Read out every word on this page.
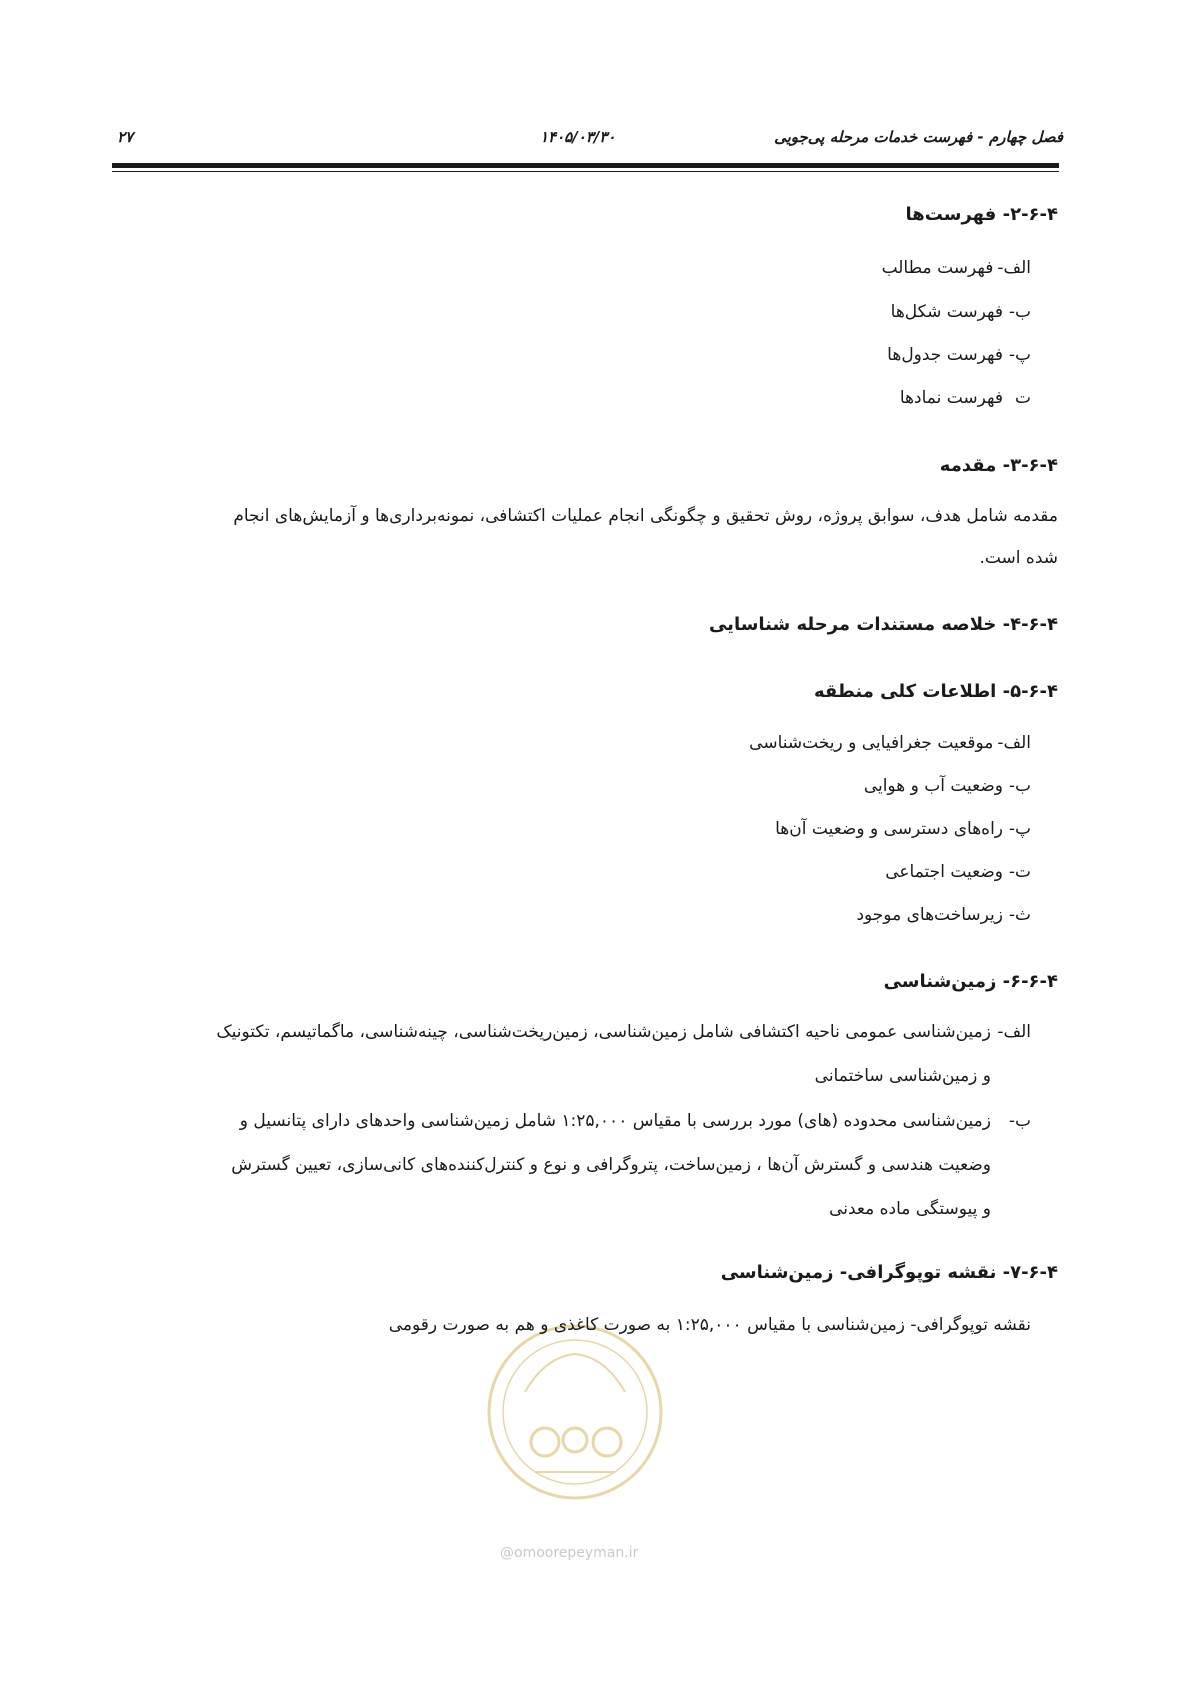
فصل چهارم - فهرست خدمات مرحله پی‌جویی
۱۴۰۵/۰۳/۳۰
۲۷
۲-۶-۴- فهرست‌ها
الف-فهرست مطالب
ب-فهرست شکل‌ها
پ-فهرست جدول‌ها
تفهرست نمادها
۳-۶-۴- مقدمه
مقدمه شامل هدف، سوابق پروژه، روش تحقیق و چگونگی انجام عملیات اکتشافی، نمونه‌برداری‌ها و آزمایش‌های انجام
شده است.
۴-۶-۴- خلاصه مستندات مرحله شناسایی
۵-۶-۴- اطلاعات کلی منطقه
الف-موقعیت جغرافیایی و ریخت‌شناسی
ب-وضعیت آب و هوایی
پ-راه‌های دسترسی و وضعیت آن‌ها
ت-وضعیت اجتماعی
ث-زیرساخت‌های موجود
۶-۶-۴- زمین‌شناسی
الف-
زمین‌شناسی عمومی ناحیه اکتشافی شامل زمین‌شناسی، زمین‌ریخت‌شناسی، چینه‌شناسی، ماگماتیسم، تکتونیک
و زمین‌شناسی ساختمانی
ب-
زمین‌شناسی محدوده (های) مورد بررسی با مقیاس ۱:۲۵,۰۰۰ شامل زمین‌شناسی واحدهای دارای پتانسیل و
وضعیت هندسی و گسترش آن‌ها ، زمین‌ساخت، پتروگرافی و نوع و کنترل‌کننده‌های کانی‌سازی، تعیین گسترش
و پیوستگی ماده معدنی
@omoorepeyman.ir
۷-۶-۴- نقشه توپوگرافی- زمین‌شناسی
نقشه توپوگرافی- زمین‌شناسی با مقیاس ۱:۲۵,۰۰۰ به صورت کاغذی و هم به صورت رقومی
